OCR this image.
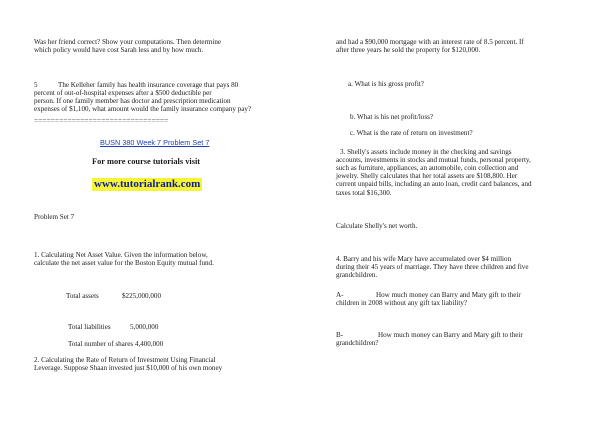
Was her friend correct? Show your computations. Then determine
which policy would have cost Sarah less and by how much.
5	The Kelleher family has health insurance coverage that pays 80
percent of out-of-hospital expenses after a $500 deductible per
person. If one family member has doctor and prescription medication
expenses of $1,100, what amount would the family insurance company pay?
================================
BUSN 380 Week 7 Problem Set 7
For more course tutorials visit
www.tutorialrank.com
Problem Set 7
1. Calculating Net Asset Value. Given the information below,
calculate the net asset value for the Boston Equity mutual fund.
Total assets	$225,000,000
Total liabilities	5,000,000
Total number of shares 4,400,000
2. Calculating the Rate of Return of Investment Using Financial
Leverage. Suppose Shaan invested just $10,000 of his own money
and had a $90,000 mortgage with an interest rate of 8.5 percent. If
after three years he sold the property for $120,000.
a. What is his gross profit?
b. What is his net profit/loss?
c. What is the rate of return on investment?
3. Shelly's assets include money in the checking and savings
accounts, investments in stocks and mutual funds, personal property,
such as furniture, appliances, an automobile, coin collection and
jewelry. Shelly calculates that her total assets are $108,800. Her
current unpaid bills, including an auto loan, credit card balances, and
taxes total $16,300.
Calculate Shelly's net worth.
4. Barry and his wife Mary have accumulated over $4 million
during their 45 years of marriage. They have three children and five
grandchildren.
A-	How much money can Barry and Mary gift to their
children in 2008 without any gift tax liability?
B-	How much money can Barry and Mary gift to their
grandchildren?
